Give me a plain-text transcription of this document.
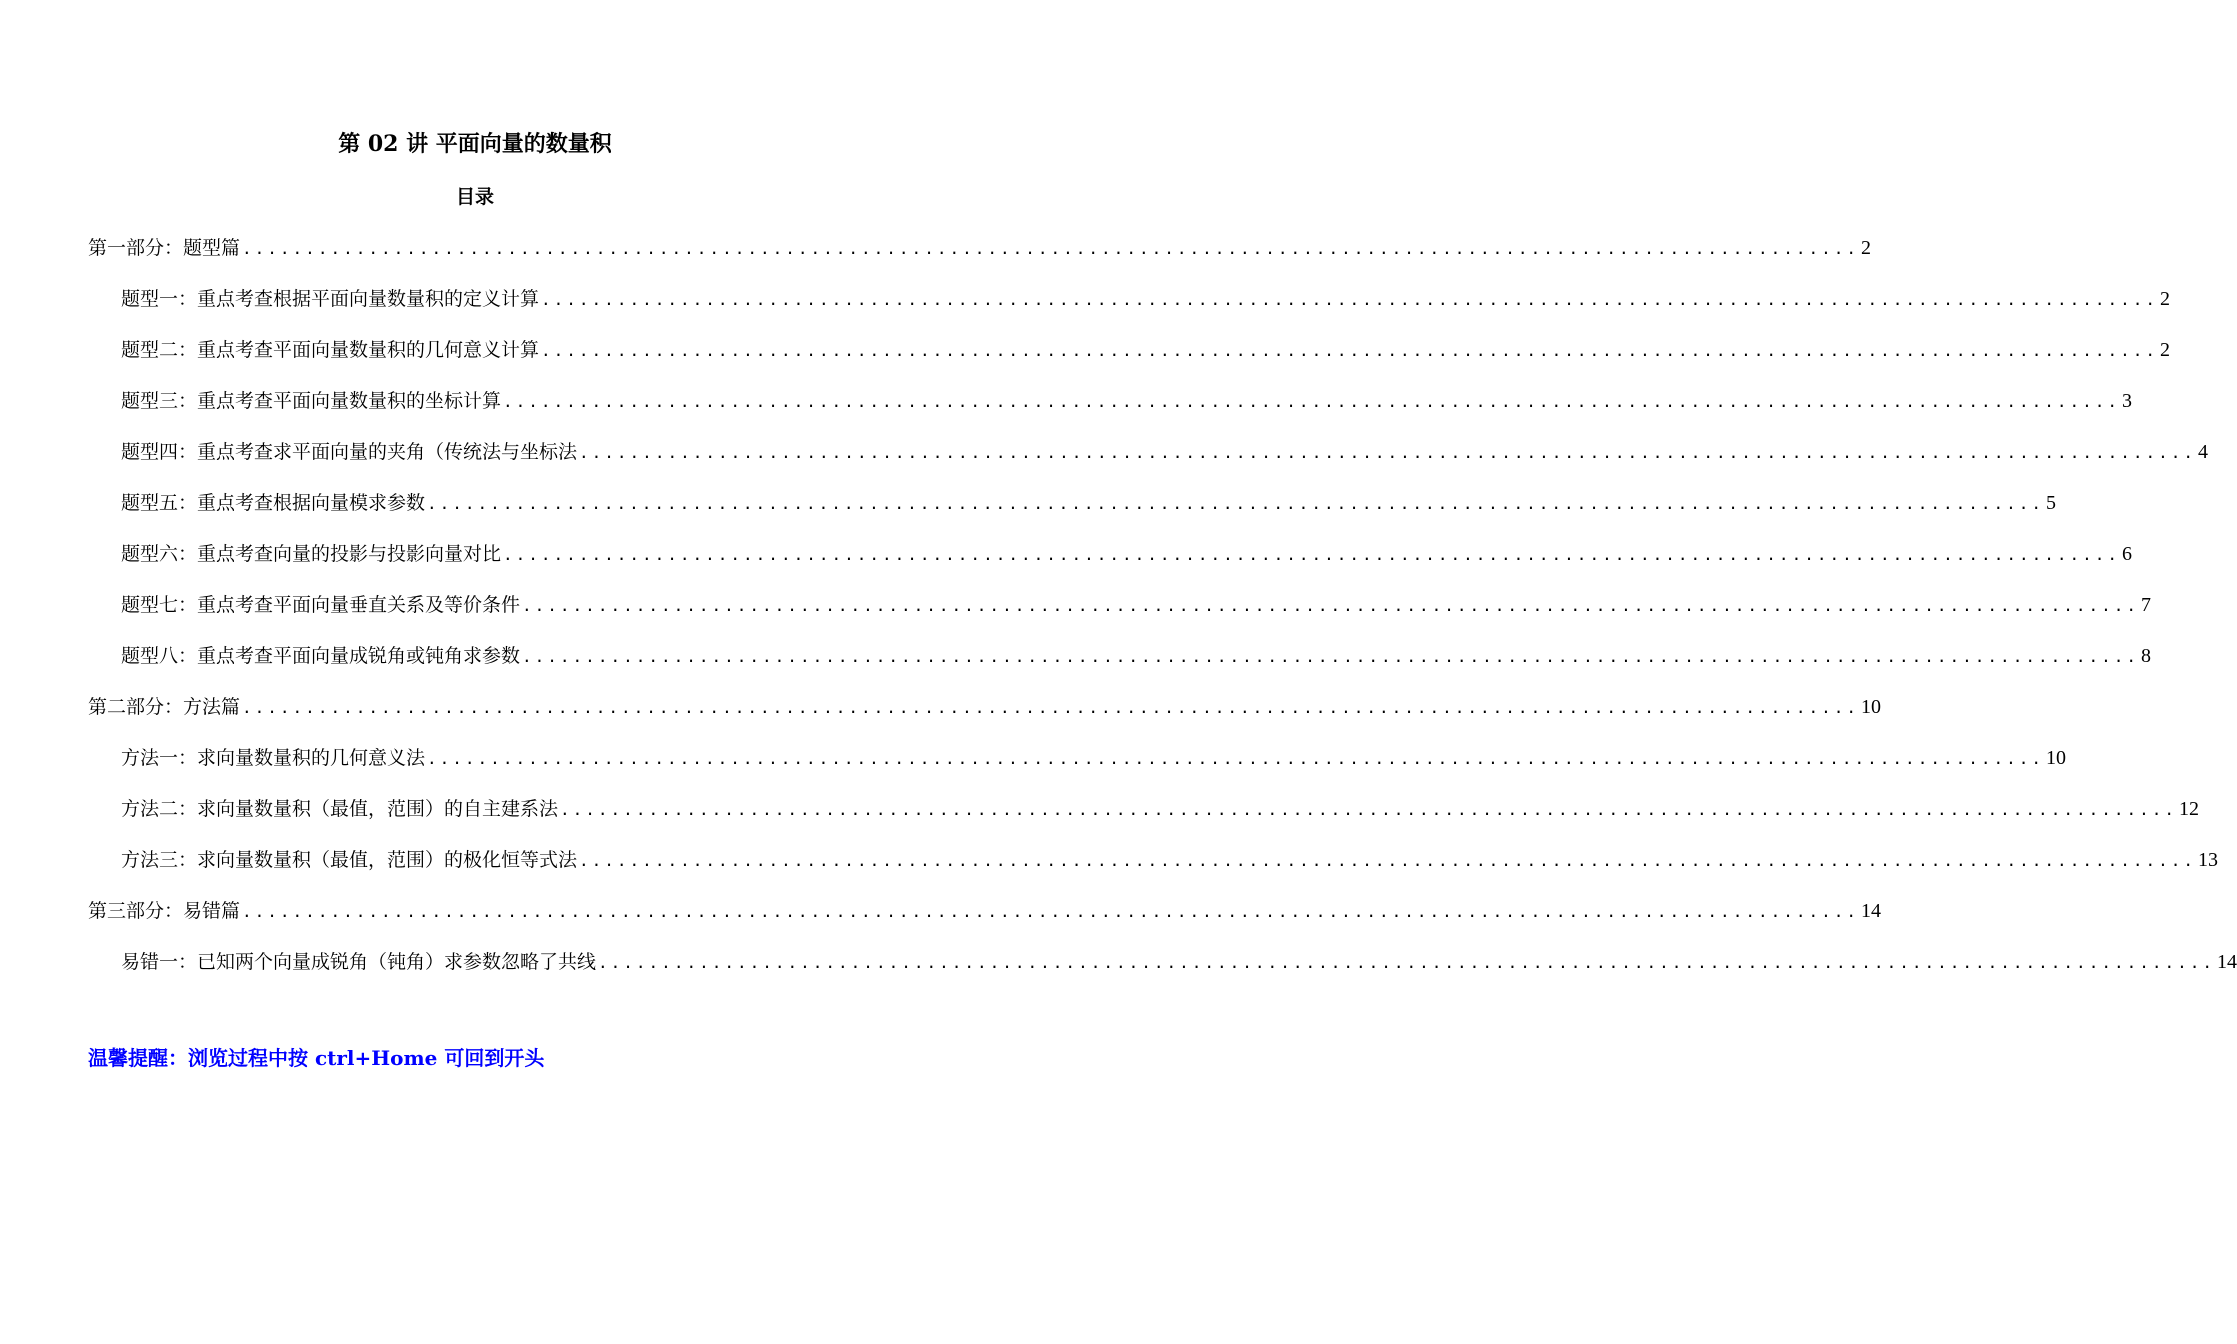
第 02 讲 平面向量的数量积
目录
第一部分：题型篇 ................................................................................................................................ 2
题型一：重点考查根据平面向量数量积的定义计算 ................................................................................................................................ 2
题型二：重点考查平面向量数量积的几何意义计算 ................................................................................................................................ 2
题型三：重点考查平面向量数量积的坐标计算 ................................................................................................................................ 3
题型四：重点考查求平面向量的夹角（传统法与坐标法 ................................................................................................................................ 4
题型五：重点考查根据向量模求参数 ................................................................................................................................ 5
题型六：重点考查向量的投影与投影向量对比 ................................................................................................................................ 6
题型七：重点考查平面向量垂直关系及等价条件 ................................................................................................................................ 7
题型八：重点考查平面向量成锐角或钝角求参数 ................................................................................................................................ 8
第二部分：方法篇 ................................................................................................................................ 10
方法一：求向量数量积的几何意义法 ................................................................................................................................ 10
方法二：求向量数量积（最值，范围）的自主建系法 ................................................................................................................................ 12
方法三：求向量数量积（最值，范围）的极化恒等式法 ................................................................................................................................ 13
第三部分：易错篇 ................................................................................................................................ 14
易错一：已知两个向量成锐角（钝角）求参数忽略了共线 ................................................................................................................................ 14
温馨提醒：浏览过程中按 ctrl+Home 可回到开头
